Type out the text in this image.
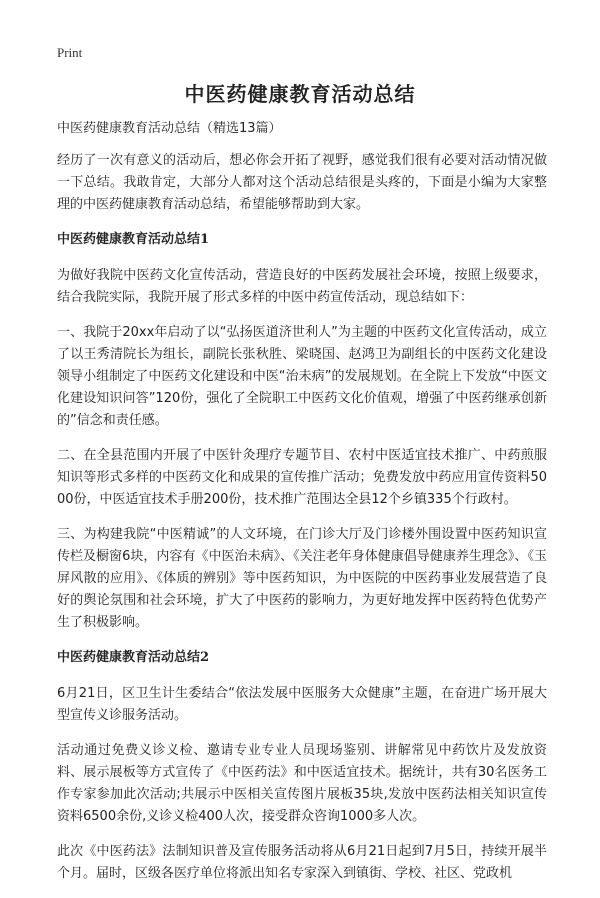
Print
中医药健康教育活动总结

中医药健康教育活动总结（精选13篇）

经历了一次有意义的活动后，想必你会开拓了视野，感觉我们很有必要对活动情况做一下总结。我敢肯定，大部分人都对这个活动总结很是头疼的，下面是小编为大家整理的中医药健康教育活动总结，希望能够帮助到大家。

中医药健康教育活动总结1

为做好我院中医药文化宣传活动，营造良好的中医药发展社会环境，按照上级要求，结合我院实际，我院开展了形式多样的中医中药宣传活动，现总结如下：

一、我院于20xx年启动了以“弘扬医道济世利人”为主题的中医药文化宣传活动，成立了以王秀清院长为组长，副院长张秋胜、梁晓国、赵鸿卫为副组长的中医药文化建设领导小组制定了中医药文化建设和中医“治未病”的发展规划。在全院上下发放“中医文化建设知识问答”120份，强化了全院职工中医药文化价值观，增强了中医药继承创新的”信念和责任感。

二、在全县范围内开展了中医针灸理疗专题节目、农村中医适宜技术推广、中药煎服知识等形式多样的中医药文化和成果的宣传推广活动；免费发放中药应用宣传资料5000份，中医适宜技术手册200份，技术推广范围达全县12个乡镇335个行政村。

三、为构建我院“中医精诚”的人文环境，在门诊大厅及门诊楼外围设置中医药知识宣传栏及橱窗6块，内容有《中医治未病》、《关注老年身体健康倡导健康养生理念》、《玉屏风散的应用》、《体质的辨别》等中医药知识，为中医院的中医药事业发展营造了良好的舆论氛围和社会环境，扩大了中医药的影响力，为更好地发挥中医药特色优势产生了积极影响。

中医药健康教育活动总结2

6月21日，区卫生计生委结合“依法发展中医服务大众健康”主题，在奋进广场开展大型宣传义诊服务活动。

活动通过免费义诊义检、邀请专业专业人员现场鉴别、讲解常见中药饮片及发放资料、展示展板等方式宣传了《中医药法》和中医适宜技术。据统计，共有30名医务工作专家参加此次活动;共展示中医相关宣传图片展板35块,发放中医药法相关知识宣传资料6500余份,义诊义检400人次，接受群众咨询1000多人次。

此次《中医药法》法制知识普及宣传服务活动将从6月21日起到7月5日，持续开展半个月。届时，区级各医疗单位将派出知名专家深入到镇街、学校、社区、党政机
